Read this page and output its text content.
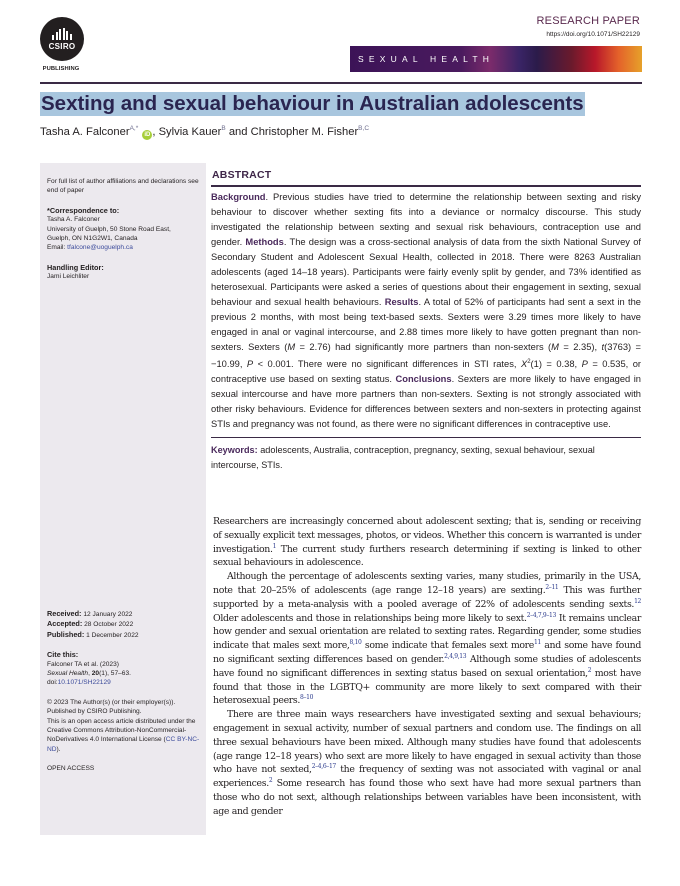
CSIRO
PUBLISHING
RESEARCH PAPER
https://doi.org/10.1071/SH22129
SEXUAL HEALTH
Sexting and sexual behaviour in Australian adolescents
Tasha A. Falconer$^{A,*}$ iD , Sylvia Kauer$^B$ and Christopher M. Fisher$^{B,C}$
For full list of author affiliations and declarations see end of paper
*Correspondence to:
Tasha A. Falconer
University of Guelph, 50 Stone Road East,
Guelph, ON N1G2W1, Canada
Email: tfalcone@uoguelph.ca
Handling Editor:
Jami Leichliter
Received: 12 January 2022
Accepted: 28 October 2022
Published: 1 December 2022
Cite this:
Falconer TA et al. (2023)
Sexual Health, 20(1), 57–63.
doi:10.1071/SH22129
© 2023 The Author(s) (or their employer(s)). Published by CSIRO Publishing.
This is an open access article distributed under the Creative Commons Attribution-NonCommercial-NoDerivatives 4.0 International License (CC BY-NC-ND).
OPEN ACCESS
ABSTRACT
Background. Previous studies have tried to determine the relationship between sexting and risky behaviour to discover whether sexting fits into a deviance or normalcy discourse. This study investigated the relationship between sexting and sexual risk behaviours, contraception use and gender. Methods. The design was a cross-sectional analysis of data from the sixth National Survey of Secondary Student and Adolescent Sexual Health, collected in 2018. There were 8263 Australian adolescents (aged 14–18 years). Participants were fairly evenly split by gender, and 73% identified as heterosexual. Participants were asked a series of questions about their engagement in sexting, sexual behaviour and sexual health behaviours. Results. A total of 52% of participants had sent a sext in the previous 2 months, with most being text-based sexts. Sexters were 3.29 times more likely to have engaged in anal or vaginal intercourse, and 2.88 times more likely to have gotten pregnant than non-sexters. Sexters (M = 2.76) had significantly more partners than non-sexters (M = 2.35), t(3763) = −10.99, P < 0.001. There were no significant differences in STI rates, $X^2(1) = 0.38$, P = 0.535, or contraceptive use based on sexting status. Conclusions. Sexters are more likely to have engaged in sexual intercourse and have more partners than non-sexters. Sexting is not strongly associated with other risky behaviours. Evidence for differences between sexters and non-sexters in protecting against STIs and pregnancy was not found, as there were no significant differences in contraceptive use.
Keywords: adolescents, Australia, contraception, pregnancy, sexting, sexual behaviour, sexual intercourse, STIs.

Researchers are increasingly concerned about adolescent sexting; that is, sending or receiving of sexually explicit text messages, photos, or videos. Whether this concern is warranted is under investigation.$^1$ The current study furthers research determining if sexting is linked to other sexual behaviours in adolescence.

Although the percentage of adolescents sexting varies, many studies, primarily in the USA, note that 20–25% of adolescents (age range 12–18 years) are sexting.$^{2-11}$ This was further supported by a meta-analysis with a pooled average of 22% of adolescents sending sexts.$^{12}$ Older adolescents and those in relationships being more likely to sext.$^{2-4,7,9-13}$ It remains unclear how gender and sexual orientation are related to sexting rates. Regarding gender, some studies indicate that males sext more,$^{8,10}$ some indicate that females sext more$^{11}$ and some have found no significant sexting differences based on gender.$^{2,4,9,13}$ Although some studies of adolescents have found no significant differences in sexting status based on sexual orientation,$^2$ most have found that those in the LGBTQ+ community are more likely to sext compared with their heterosexual peers.$^{8-10}$

There are three main ways researchers have investigated sexting and sexual behaviours; engagement in sexual activity, number of sexual partners and condom use. The findings on all three sexual behaviours have been mixed. Although many studies have found that adolescents (age range 12–18 years) who sext are more likely to have engaged in sexual activity than those who have not sexted,$^{2-4,6-17}$ the frequency of sexting was not associated with vaginal or anal experiences.$^2$ Some research has found those who sext have had more sexual partners than those who do not sext, although relationships between variables have been inconsistent, with age and gender
